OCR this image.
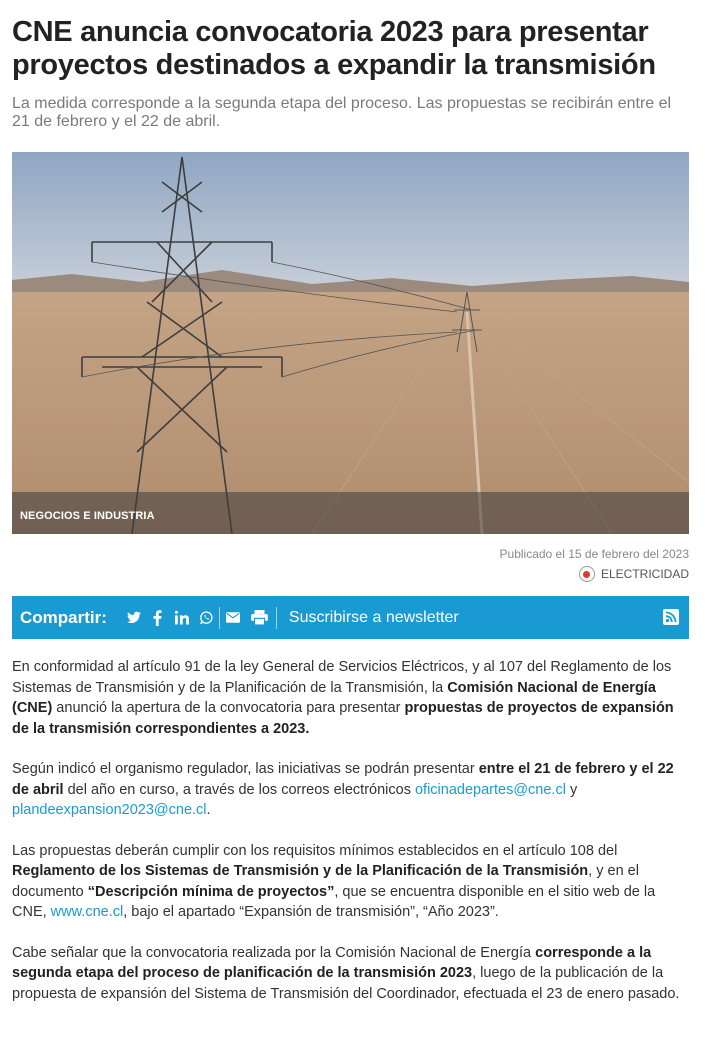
CNE anuncia convocatoria 2023 para presentar proyectos destinados a expandir la transmisión
La medida corresponde a la segunda etapa del proceso. Las propuestas se recibirán entre el 21 de febrero y el 22 de abril.
NEGOCIOS E INDUSTRIA
Publicado el 15 de febrero del 2023
ELECTRICIDAD
Compartir:	Suscribirse a newsletter

En conformidad al artículo 91 de la ley General de Servicios Eléctricos, y al 107 del Reglamento de los Sistemas de Transmisión y de la Planificación de la Transmisión, la Comisión Nacional de Energía (CNE) anunció la apertura de la convocatoria para presentar propuestas de proyectos de expansión de la transmisión correspondientes a 2023.

Según indicó el organismo regulador, las iniciativas se podrán presentar entre el 21 de febrero y el 22 de abril del año en curso, a través de los correos electrónicos oficinadepartes@cne.cl y plandeexpansion2023@cne.cl.

Las propuestas deberán cumplir con los requisitos mínimos establecidos en el artículo 108 del Reglamento de los Sistemas de Transmisión y de la Planificación de la Transmisión, y en el documento “Descripción mínima de proyectos”, que se encuentra disponible en el sitio web de la CNE, www.cne.cl, bajo el apartado “Expansión de transmisión”, “Año 2023”.

Cabe señalar que la convocatoria realizada por la Comisión Nacional de Energía corresponde a la segunda etapa del proceso de planificación de la transmisión 2023, luego de la publicación de la propuesta de expansión del Sistema de Transmisión del Coordinador, efectuada el 23 de enero pasado.
